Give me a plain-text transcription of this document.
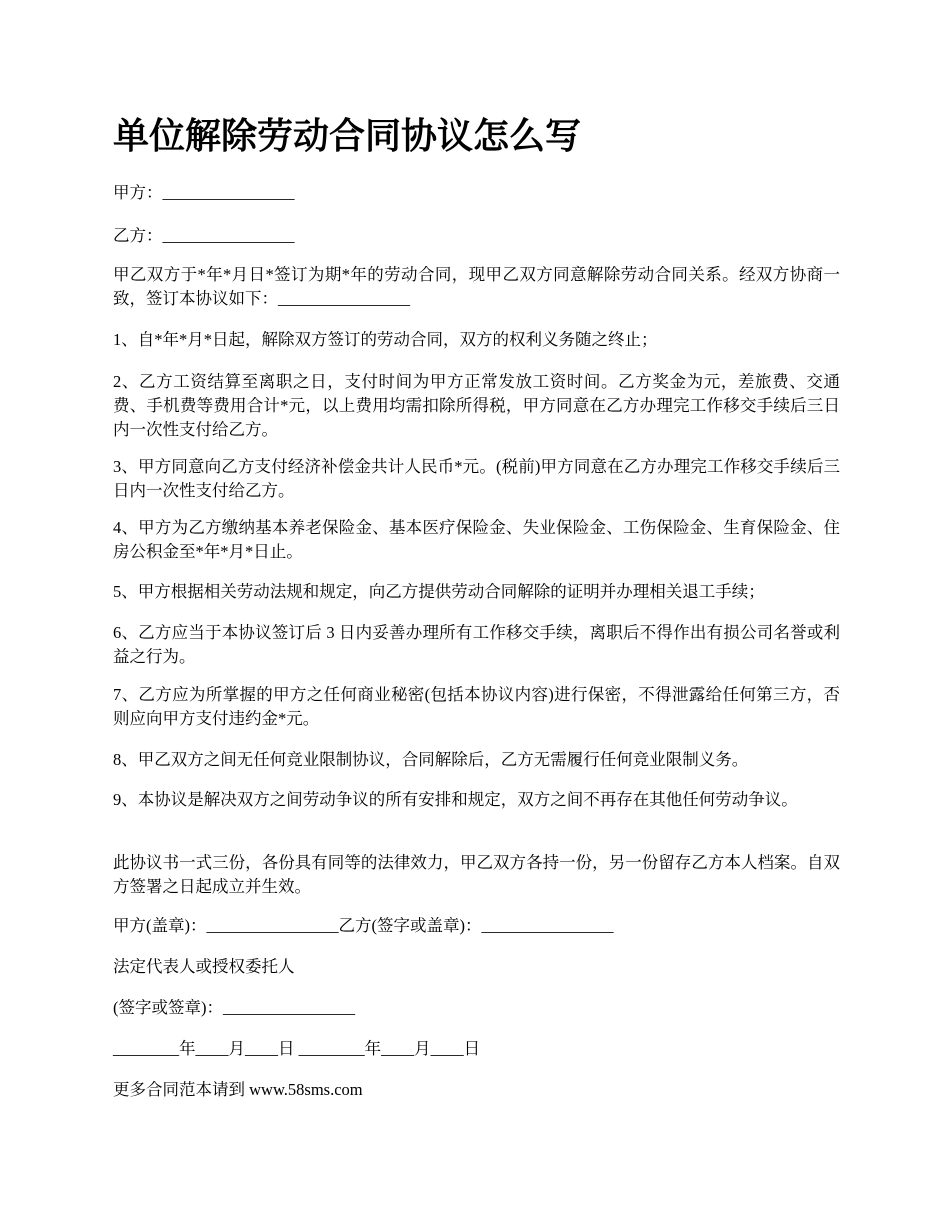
单位解除劳动合同协议怎么写

甲方：________________

乙方：________________

甲乙双方于*年*月日*签订为期*年的劳动合同，现甲乙双方同意解除劳动合同关系。经双方协商一致，签订本协议如下：________________

1、自*年*月*日起，解除双方签订的劳动合同，双方的权利义务随之终止；

2、乙方工资结算至离职之日，支付时间为甲方正常发放工资时间。乙方奖金为元，差旅费、交通费、手机费等费用合计*元，以上费用均需扣除所得税，甲方同意在乙方办理完工作移交手续后三日内一次性支付给乙方。

3、甲方同意向乙方支付经济补偿金共计人民币*元。(税前)甲方同意在乙方办理完工作移交手续后三日内一次性支付给乙方。

4、甲方为乙方缴纳基本养老保险金、基本医疗保险金、失业保险金、工伤保险金、生育保险金、住房公积金至*年*月*日止。

5、甲方根据相关劳动法规和规定，向乙方提供劳动合同解除的证明并办理相关退工手续；

6、乙方应当于本协议签订后 3 日内妥善办理所有工作移交手续，离职后不得作出有损公司名誉或利益之行为。

7、乙方应为所掌握的甲方之任何商业秘密(包括本协议内容)进行保密，不得泄露给任何第三方，否则应向甲方支付违约金*元。

8、甲乙双方之间无任何竞业限制协议，合同解除后，乙方无需履行任何竞业限制义务。

9、本协议是解决双方之间劳动争议的所有安排和规定，双方之间不再存在其他任何劳动争议。

此协议书一式三份，各份具有同等的法律效力，甲乙双方各持一份，另一份留存乙方本人档案。自双方签署之日起成立并生效。

甲方(盖章)：________________乙方(签字或盖章)：________________

法定代表人或授权委托人

(签字或签章)：________________

________年____月____日 ________年____月____日

更多合同范本请到 www.58sms.com
